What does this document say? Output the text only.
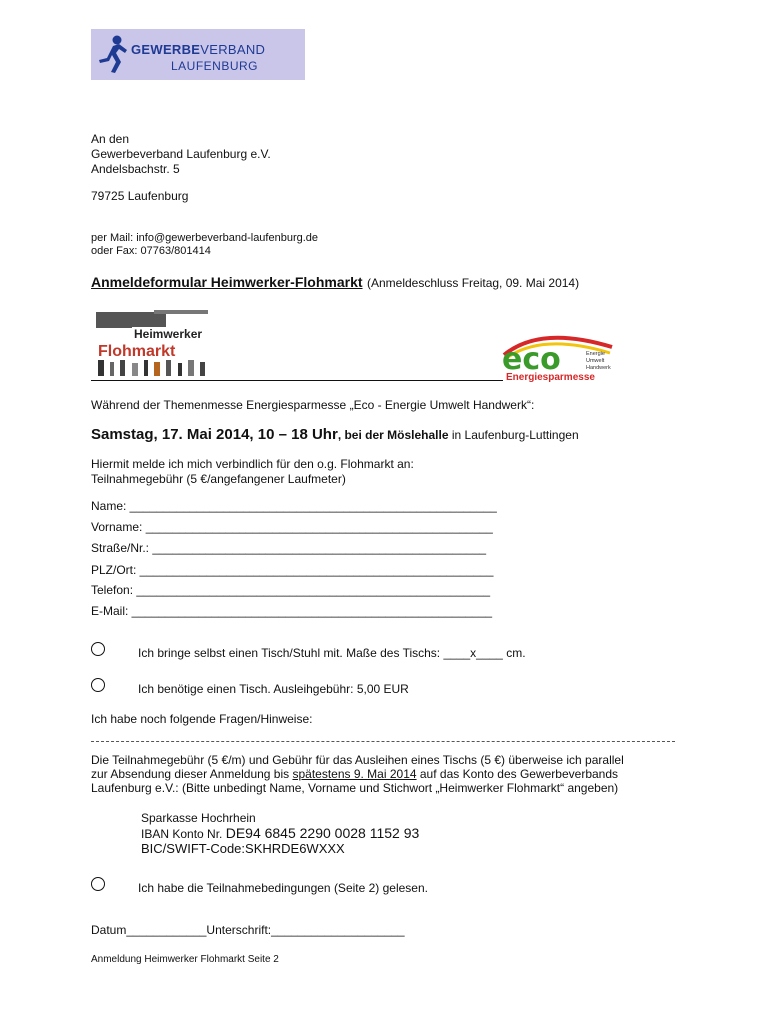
GEWERBEVERBAND
LAUFENBURG
An den
Gewerbeverband Laufenburg e.V.
Andelsbachstr. 5
79725 Laufenburg
per Mail: info@gewerbeverband-laufenburg.de
oder Fax: 07763/801414
Anmeldeformular Heimwerker-Flohmarkt (Anmeldeschluss Freitag, 09. Mai 2014)
Heimwerker
Flohmarkt	eco	Energie
Umwelt
Handwerk
Energiesparmesse
Während der Themenmesse Energiesparmesse „Eco - Energie Umwelt Handwerk“:
Samstag, 17. Mai 2014, 10 – 18 Uhr, bei der Möslehalle in Laufenburg-Luttingen
Hiermit melde ich mich verbindlich für den o.g. Flohmarkt an:
Teilnahmegebühr (5 €/angefangener Laufmeter)
Name: _______________________________________________________
Vorname: ____________________________________________________
Straße/Nr.: __________________________________________________
PLZ/Ort: _____________________________________________________
Telefon: _____________________________________________________
E-Mail: ______________________________________________________
Ich bringe selbst einen Tisch/Stuhl mit. Maße des Tischs: ____x____ cm.
Ich benötige einen Tisch. Ausleihgebühr: 5,00 EUR
Ich habe noch folgende Fragen/Hinweise:
Die Teilnahmegebühr (5 €/m) und Gebühr für das Ausleihen eines Tischs (5 €) überweise ich parallel
zur Absendung dieser Anmeldung bis spätestens 9. Mai 2014 auf das Konto des Gewerbeverbands
Laufenburg e.V.: (Bitte unbedingt Name, Vorname und Stichwort „Heimwerker Flohmarkt“ angeben)
Sparkasse Hochrhein
IBAN Konto Nr. DE94 6845 2290 0028 1152 93
BIC/SWIFT-Code:SKHRDE6WXXX
Ich habe die Teilnahmebedingungen (Seite 2) gelesen.
Datum____________Unterschrift:____________________
Anmeldung Heimwerker Flohmarkt Seite 2
